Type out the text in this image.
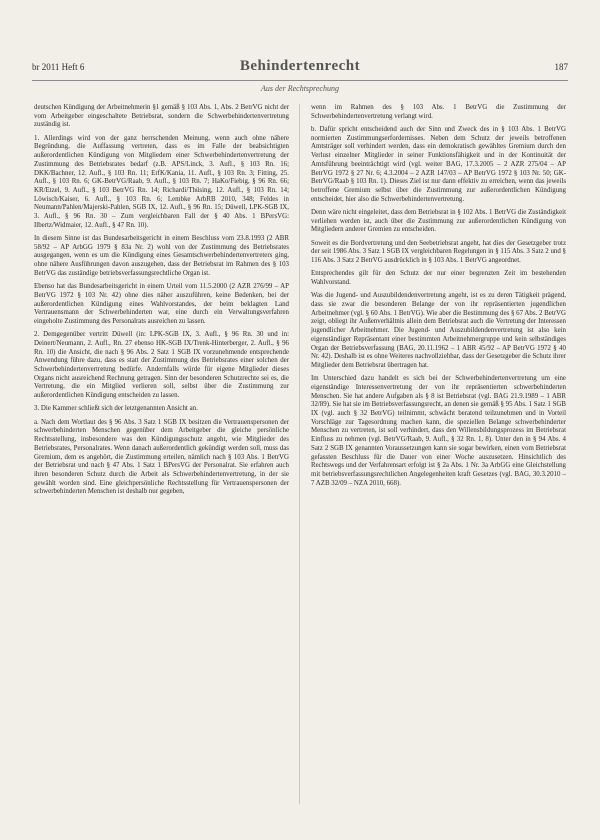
br 2011 Heft 6	Behindertenrecht	187
Aus der Rechtsprechung

deutschen Kündigung der Arbeitnehmerin §1 gemäß § 103 Abs. 1, Abs. 2 BetrVG nicht der vom Arbeitgeber eingeschaltete Betriebsrat, sondern die Schwerbehindertenvertretung zuständig ist.

1. Allerdings wird von der ganz herrschenden Meinung, wenn auch ohne nähere Begründung, die Auffassung vertreten, dass es im Falle der beabsichtigten außerordentlichen Kündigung von Mitgliedern einer Schwerbehindertenvertretung der Zustimmung des Betriebsrates bedarf (z.B. APS/Linck, 3. Aufl., § 103 Rn. 16; DKK/Bachner, 12. Aufl., § 103 Rn. 11; ErfK/Kania, 11. Aufl., § 103 Rn. 3; Fitting, 25. Aufl., § 103 Rn. 6; GK-BetrVG/Raab, 9. Aufl., § 103 Rn. 7; HaKo/Fiebig, § 96 Rn. 66; KR/Etzel, 9. Aufl., § 103 BetrVG Rn. 14; Richardi/Thüsing, 12. Aufl., § 103 Rn. 14; Löwisch/Kaiser, 6. Aufl., § 103 Rn. 6; Lembke ArbRB 2010, 348; Feldes in Neumann/Pahlen/Majerski-Pahlen, SGB IX, 12. Aufl., § 96 Rn. 15; Düwell, LPK-SGB IX, 3. Aufl., § 96 Rn. 30 – Zum vergleichbaren Fall der § 40 Abs. 1 BPersVG: Ilbertz/Widmaier, 12. Aufl., § 47 Rn. 10).

In diesem Sinne ist das Bundesarbeitsgericht in einem Beschluss vom 23.8.1993 (2 ABR 58/92 – AP ArbGG 1979 § 83a Nr. 2) wohl von der Zustimmung des Betriebsrates ausgegangen, wenn es um die Kündigung eines Gesamtschwerbehindertenvertreters ging, ohne nähere Ausführungen davon auszugehen, dass der Betriebsrat im Rahmen des § 103 BetrVG das zuständige betriebsverfassungsrechtliche Organ ist.

Ebenso hat das Bundesarbeitsgericht in einem Urteil vom 11.5.2000 (2 AZR 276/99 – AP BetrVG 1972 § 103 Nr. 42) ohne dies näher auszuführen, keine Bedenken, bei der außerordentlichen Kündigung eines Wahlvorstandes, der beim beklagten Land Vertrauensmann der Schwerbehinderten war, eine durch ein Verwaltungsverfahren eingeholte Zustimmung des Personalrats ausreichen zu lassen.

2. Demgegenüber vertritt Düwell (in: LPK-SGB IX, 3. Aufl., § 96 Rn. 30 und in: Deinert/Neumann, 2. Aufl., Rn. 27 ebenso HK-SGB IX/Trenk-Hinterberger, 2. Aufl., § 96 Rn. 10) die Ansicht, die nach § 96 Abs. 2 Satz 1 SGB IX vorzunehmende entsprechende Anwendung führe dazu, dass es statt der Zustimmung des Betriebsrates einer solchen der Schwerbehindertenvertretung bedürfe. Andernfalls würde für eigene Mitglieder dieses Organs nicht ausreichend Rechnung getragen. Sinn der besonderen Schutzrechte sei es, die Vertretung, die ein Mitglied verlieren soll, selbst über die Zustimmung zur außerordentlichen Kündigung entscheiden zu lassen.

3. Die Kammer schließt sich der letztgenannten Ansicht an.

a. Nach dem Wortlaut des § 96 Abs. 3 Satz 1 SGB IX besitzen die Vertrauenspersonen der schwerbehinderten Menschen gegenüber dem Arbeitgeber die gleiche persönliche Rechtsstellung, insbesondere was den Kündigungsschutz angeht, wie Mitglieder des Betriebsrates, Personalrates. Wenn danach außerordentlich gekündigt werden soll, muss das Gremium, dem es angehört, die Zustimmung erteilen, nämlich nach § 103 Abs. 1 BetrVG der Betriebsrat und nach § 47 Abs. 1 Satz 1 BPersVG der Personalrat. Sie erfahren auch ihren besonderen Schutz durch die Arbeit als Schwerbehindertenvertretung, in der sie gewählt worden sind. Eine gleichpersönliche Rechtsstellung für Vertrauenspersonen der schwerbehinderten Menschen ist deshalb nur gegeben,

wenn im Rahmen des § 103 Abs. 1 BetrVG die Zustimmung der Schwerbehindertenvertretung verlangt wird.

b. Dafür spricht entscheidend auch der Sinn und Zweck des in § 103 Abs. 1 BetrVG normierten Zustimmungserfordernisses. Neben dem Schutz der jeweils betroffenen Amtsträger soll verhindert werden, dass ein demokratisch gewähltes Gremium durch den Verlust einzelner Mitglieder in seiner Funktionsfähigkeit und in der Kontinuität der Amtsführung beeinträchtigt wird (vgl. weiter BAG, 17.3.2005 – 2 AZR 275/04 – AP BetrVG 1972 § 27 Nr. 6; 4.3.2004 – 2 AZR 147/03 – AP BetrVG 1972 § 103 Nr. 50; GK-BetrVG/Raab § 103 Rn. 1). Dieses Ziel ist nur dann effektiv zu erreichen, wenn das jeweils betroffene Gremium selbst über die Zustimmung zur außerordentlichen Kündigung entscheidet, hier also die Schwerbehindertenvertretung.

Denn wäre nicht eingeleitet, dass dem Betriebsrat in § 102 Abs. 1 BetrVG die Zuständigkeit verliehen werden ist, auch über die Zustimmung zur außerordentlichen Kündigung von Mitgliedern anderer Gremien zu entscheiden.

Soweit es die Bordvertretung und den Seebetriebsrat angeht, hat dies der Gesetzgeber trotz der seit 1986 Abs. 3 Satz 1 SGB IX vergleichbaren Regelungen in § 115 Abs. 3 Satz 2 und § 116 Abs. 3 Satz 2 BetrVG ausdrücklich in § 103 Abs. 1 BetrVG angeordnet.

Entsprechendes gilt für den Schutz der nur einer begrenzten Zeit im bestehenden Wahlvorstand.

Was die Jugend- und Auszubildendenvertretung angeht, ist es zu deren Tätigkeit prägend, dass sie zwar die besonderen Belange der von ihr repräsentierten jugendlichen Arbeitnehmer (vgl. § 60 Abs. 1 BetrVG). Wie aber die Bestimmung des § 67 Abs. 2 BetrVG zeigt, obliegt ihr Außenverhältnis allein dem Betriebsrat auch die Vertretung der Interessen jugendlicher Arbeitnehmer. Die Jugend- und Auszubildendenvertretung ist also kein eigenständiger Repräsentant einer bestimmten Arbeitnehmergruppe und kein selbständiges Organ der Betriebsverfassung (BAG, 20.11.1962 – 1 ABR 45/92 – AP BetrVG 1972 § 40 Nr. 42). Deshalb ist es ohne Weiteres nachvollziehbar, dass der Gesetzgeber die Schutz ihrer Mitglieder dem Betriebsrat übertragen hat.

Im Unterschied dazu handelt es sich bei der Schwerbehindertenvertretung um eine eigenständige Interessenvertretung der von ihr repräsentierten schwerbehinderten Menschen. Sie hat andere Aufgaben als § 8 ist Betriebsrat (vgl. BAG 21.9.1989 – 1 ABR 32/89). Sie hat sie im Betriebsverfassungsrecht, an denen sie gemäß § 95 Abs. 1 Satz 1 SGB IX (vgl. auch § 32 BetrVG) teilnimmt, schwächt beratend teilzunehmen und in Vorteil Vorschläge zur Tagesordnung machen kann, die speziellen Belange schwerbehinderter Menschen zu vertreten, ist soll verhindert, dass den Willensbildungsprozess im Betriebsrat Einfluss zu nehmen (vgl. BetrVG/Raab, 9. Aufl., § 32 Rn. 1, 8). Unter den in § 94 Abs. 4 Satz 2 SGB IX genannten Voraussetzungen kann sie sogar bewirken, einen vom Betriebsrat gefassten Beschluss für die Dauer von einer Woche auszusetzen. Hinsichtlich des Rechtswegs und der Verfahrensart erfolgt ist § 2a Abs. 1 Nr. 3a ArbGG eine Gleichstellung mit betriebsverfassungsrechtlichen Angelegenheiten kraft Gesetzes (vgl. BAG, 30.3.2010 – 7 AZB 32/09 – NZA 2010, 668).
